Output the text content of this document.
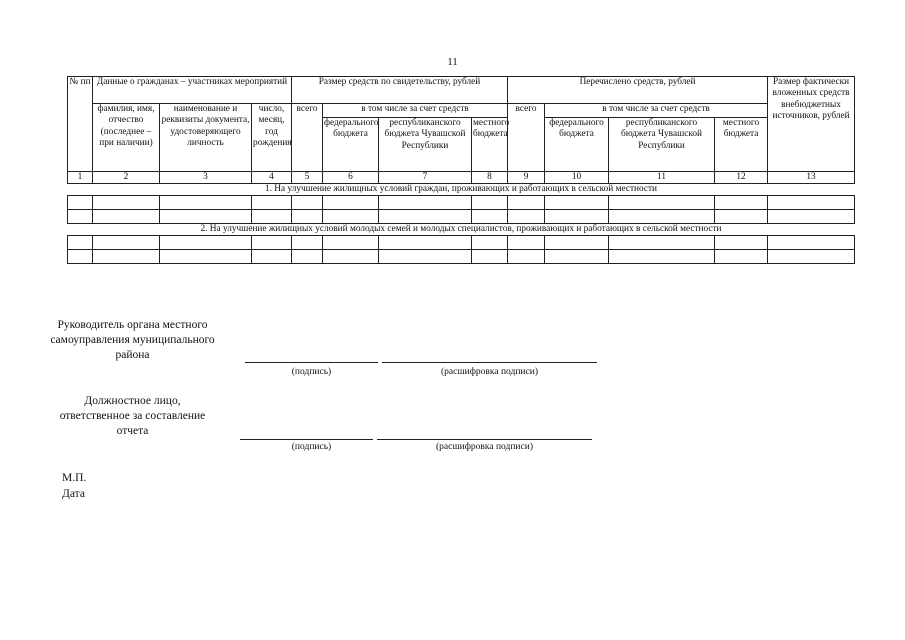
11
№ пп	Данные о гражданах – участниках мероприятий			Размер средств по свидетельству, рублей				Перечислено средств, рублей				Размер фактически вложенных средств внебюджетных источников, рублей
	фамилия, имя, отчество (последнее – при наличии)	наименование и реквизиты документа, удостоверяющего личность	число, месяц, год рождения	всего	в том числе за счет средств			всего	в том числе за счет средств			
					федерального бюджета	республиканского бюджета Чувашской Республики	местного бюджета		федерального бюджета	республиканского бюджета Чувашской Республики	местного бюджета	
1	2	3	4	5	6	7	8	9	10	11	12	13
1. На улучшение жилищных условий граждан, проживающих и работающих в сельской местности												

2. На улучшение жилищных условий молодых семей и молодых специалистов, проживающих и работающих в сельской местности												

Руководитель органа местного самоуправления муниципального района
(подпись)	(расшифровка подписи)
Должностное лицо, ответственное за составление отчета
(подпись)	(расшифровка подписи)
М.П.
Дата
